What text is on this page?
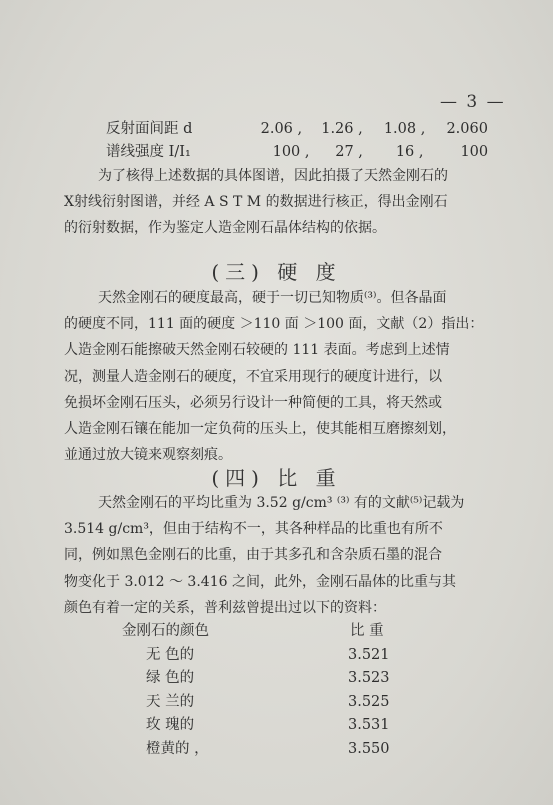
— 3 —
反射面间距 d	2.06 , 1.26 , 1.08 , 2.060
谱线强度 I/I₁	100 , 27 , 16 ,	100

为了核得上述数据的具体图谱，因此拍摄了天然金刚石的

X射线衍射图谱，并经 A S T M 的数据进行核正，得出金刚石

的衍射数据，作为鉴定人造金刚石晶体结构的依据。

(三) 硬 度

天然金刚石的硬度最高，硬于一切已知物质⁽³⁾。但各晶面

的硬度不同，111 面的硬度 ＞110 面 ＞100 面，文献（2）指出：

人造金刚石能擦破天然金刚石较硬的 111 表面。考虑到上述情

况，测量人造金刚石的硬度，不宜采用现行的硬度计进行，以

免损坏金刚石压头，必须另行设计一种简便的工具，将天然或

人造金刚石镶在能加一定负荷的压头上，使其能相互磨擦刻划，

並通过放大镜来观察刻痕。

(四) 比 重

天然金刚石的平均比重为 3.52 g/cm³ ⁽³⁾ 有的文献⁽⁵⁾记载为

3.514 g/cm³，但由于结构不一，其各种样品的比重也有所不

同，例如黑色金刚石的比重，由于其多孔和含杂质石墨的混合

物变化于 3.012 ～ 3.416 之间，此外，金刚石晶体的比重与其

颜色有着一定的关系，普利兹曾提出过以下的资料：

金刚石的颜色	比 重
无 色的	3.521
绿 色的	3.523
天 兰的	3.525
玫 瑰的	3.531
橙黄的 ，	3.550
